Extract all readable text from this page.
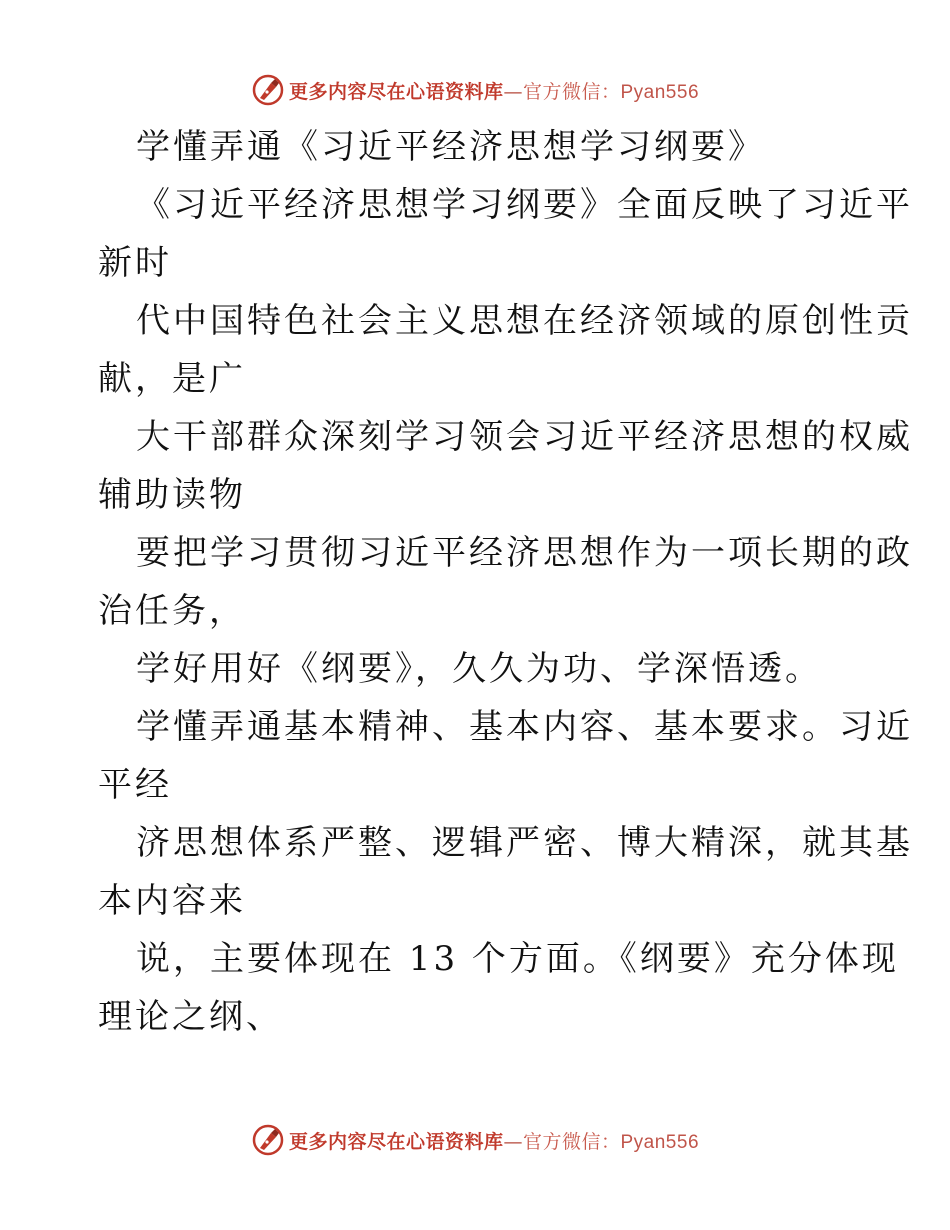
更多内容尽在心语资料库—官方微信：Pyan556
学懂弄通《习近平经济思想学习纲要》
《习近平经济思想学习纲要》全面反映了习近平
新时
代中国特色社会主义思想在经济领域的原创性贡
献，是广
大干部群众深刻学习领会习近平经济思想的权威
辅助读物
要把学习贯彻习近平经济思想作为一项长期的政
治任务，
学好用好《纲要》，久久为功、学深悟透。
学懂弄通基本精神、基本内容、基本要求。习近
平经
济思想体系严整、逻辑严密、博大精深，就其基
本内容来
说，主要体现在 13 个方面。《纲要》充分体现
理论之纲、
更多内容尽在心语资料库—官方微信：Pyan556
